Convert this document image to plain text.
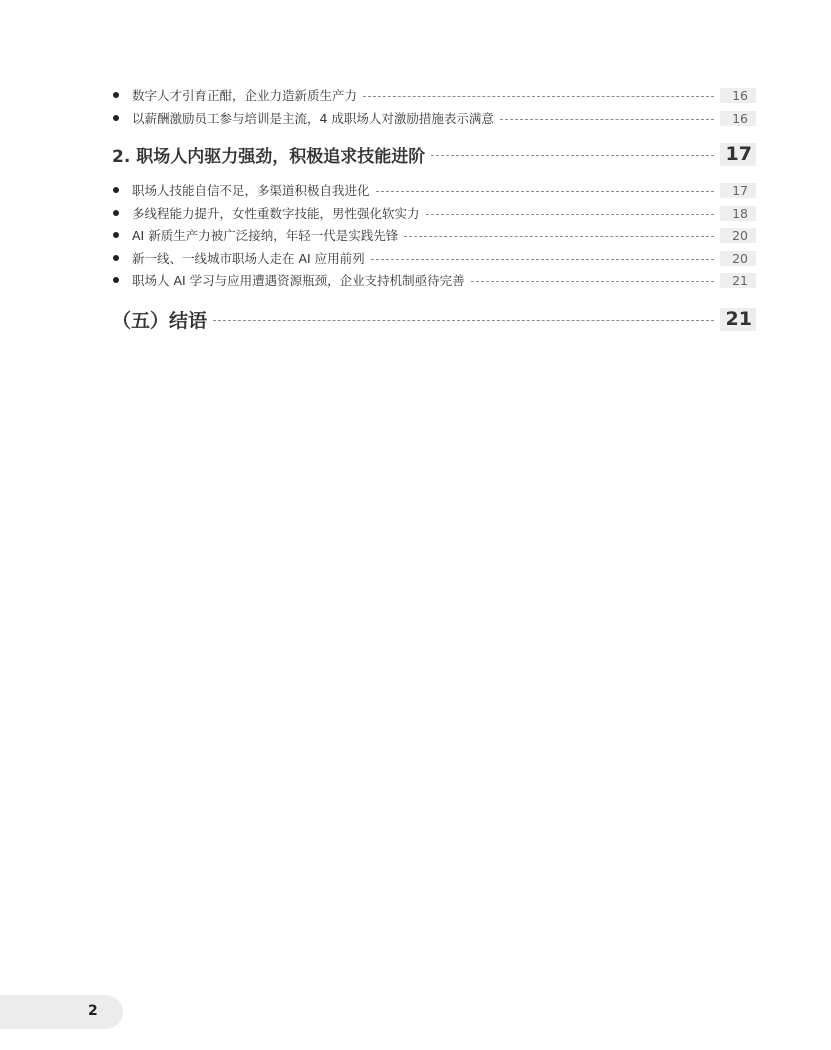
数字人才引育正酣，企业力造新质生产力	16
以薪酬激励员工参与培训是主流，4 成职场人对激励措施表示满意	16
2. 职场人内驱力强劲，积极追求技能进阶	17
职场人技能自信不足，多渠道积极自我进化	17
多线程能力提升，女性重数字技能，男性强化软实力	18
AI 新质生产力被广泛接纳，年轻一代是实践先锋	20
新一线、一线城市职场人走在 AI 应用前列	20
职场人 AI 学习与应用遭遇资源瓶颈，企业支持机制亟待完善	21
（五）结语	21
2
